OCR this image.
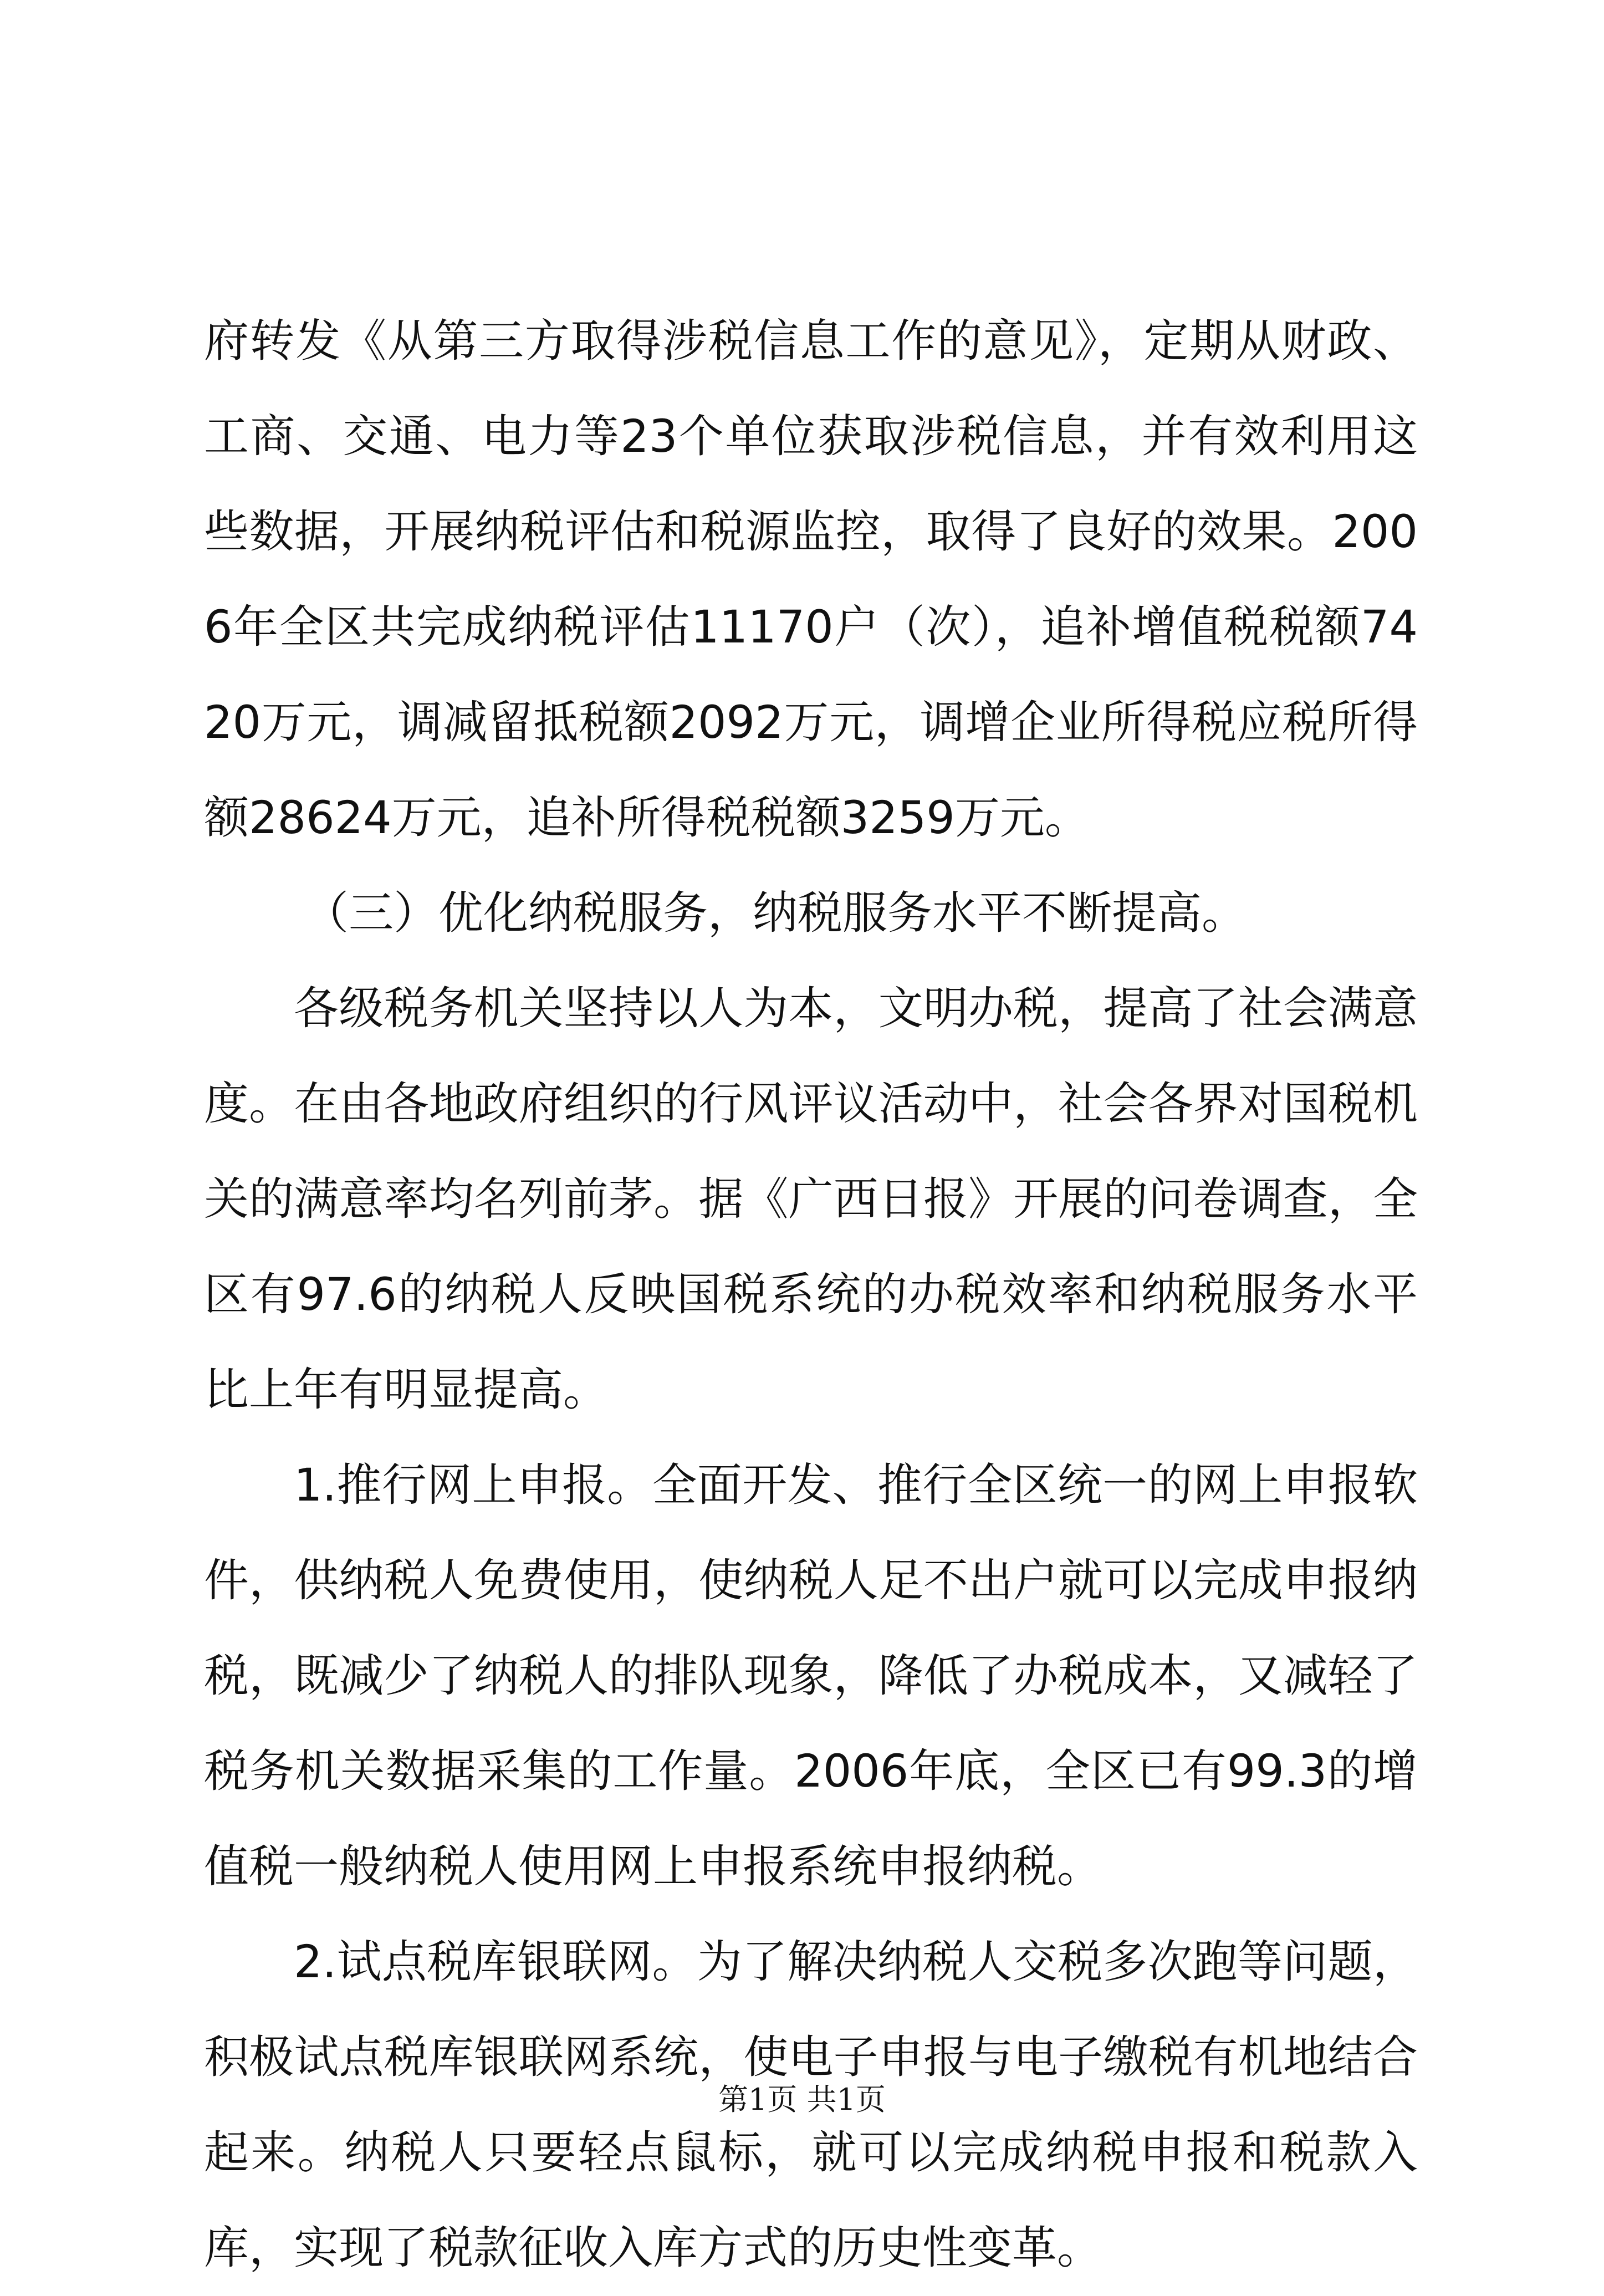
府转发《从第三方取得涉税信息工作的意见》，定期从财政、工商、交通、电力等23个单位获取涉税信息，并有效利用这些数据，开展纳税评估和税源监控，取得了良好的效果。2006年全区共完成纳税评估11170户（次），追补增值税税额7420万元，调减留抵税额2092万元，调增企业所得税应税所得额28624万元，追补所得税税额3259万元。

（三）优化纳税服务，纳税服务水平不断提高。

各级税务机关坚持以人为本，文明办税，提高了社会满意度。在由各地政府组织的行风评议活动中，社会各界对国税机关的满意率均名列前茅。据《广西日报》开展的问卷调查，全区有97.6的纳税人反映国税系统的办税效率和纳税服务水平比上年有明显提高。

1.推行网上申报。全面开发、推行全区统一的网上申报软件，供纳税人免费使用，使纳税人足不出户就可以完成申报纳税，既减少了纳税人的排队现象，降低了办税成本，又减轻了税务机关数据采集的工作量。2006年底，全区已有99.3的增值税一般纳税人使用网上申报系统申报纳税。

2.试点税库银联网。为了解决纳税人交税多次跑等问题，积极试点税库银联网系统，使电子申报与电子缴税有机地结合起来。纳税人只要轻点鼠标，就可以完成纳税申报和税款入库，实现了税款征收入库方式的历史性变革。

第1页 共1页
